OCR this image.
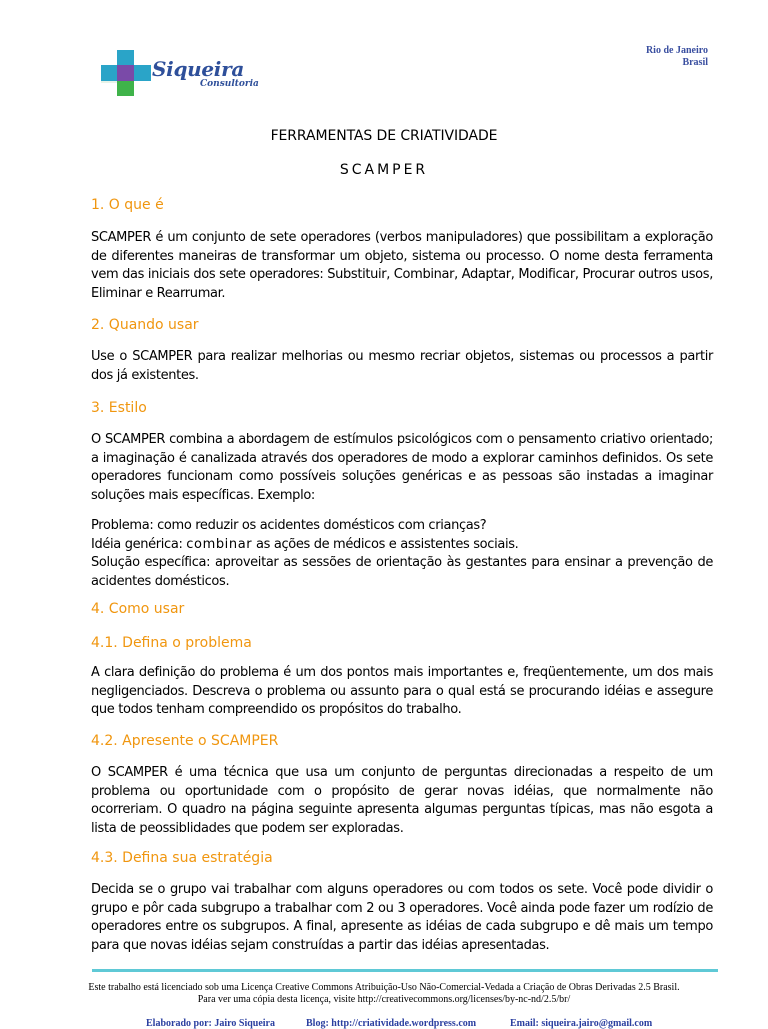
Siqueira
Consultoria
Rio de Janeiro
Brasil
FERRAMENTAS DE CRIATIVIDADE
SCAMPER
1. O que é
SCAMPER é um conjunto de sete operadores (verbos manipuladores) que possibilitam a exploração de diferentes maneiras de transformar um objeto, sistema ou processo. O nome desta ferramenta vem das iniciais dos sete operadores: Substituir, Combinar, Adaptar, Modificar, Procurar outros usos, Eliminar e Rearrumar.
2. Quando usar
Use o SCAMPER para realizar melhorias ou mesmo recriar objetos, sistemas ou processos a partir dos já existentes.
3. Estilo
O SCAMPER combina a abordagem de estímulos psicológicos com o pensamento criativo orientado; a imaginação é canalizada através dos operadores de modo a explorar caminhos definidos. Os sete operadores funcionam como possíveis soluções genéricas e as pessoas são instadas a imaginar soluções mais específicas. Exemplo:
Problema: como reduzir os acidentes domésticos com crianças?
Idéia genérica: combinar as ações de médicos e assistentes sociais.
Solução específica: aproveitar as sessões de orientação às gestantes para ensinar a prevenção de acidentes domésticos.
4. Como usar
4.1. Defina o problema
A clara definição do problema é um dos pontos mais importantes e, freqüentemente, um dos mais negligenciados. Descreva o problema ou assunto para o qual está se procurando idéias e assegure que todos tenham compreendido os propósitos do trabalho.
4.2. Apresente o SCAMPER
O SCAMPER é uma técnica que usa um conjunto de perguntas direcionadas a respeito de um problema ou oportunidade com o propósito de gerar novas idéias, que normalmente não ocorreriam. O quadro na página seguinte apresenta algumas perguntas típicas, mas não esgota a lista de peossiblidades que podem ser exploradas.
4.3. Defina sua estratégia
Decida se o grupo vai trabalhar com alguns operadores ou com todos os sete. Você pode dividir o grupo e pôr cada subgrupo a trabalhar com 2 ou 3 operadores. Você ainda pode fazer um rodízio de operadores entre os subgrupos. A final, apresente as idéias de cada subgrupo e dê mais um tempo para que novas idéias sejam construídas a partir das idéias apresentadas.
Este trabalho está licenciado sob uma Licença Creative Commons Atribuição-Uso Não-Comercial-Vedada a Criação de Obras Derivadas 2.5 Brasil.
Para ver uma cópia desta licença, visite http://creativecommons.org/licenses/by-nc-nd/2.5/br/
Elaborado por: Jairo Siqueira	Blog: http://criatividade.wordpress.com	Email: siqueira.jairo@gmail.com
